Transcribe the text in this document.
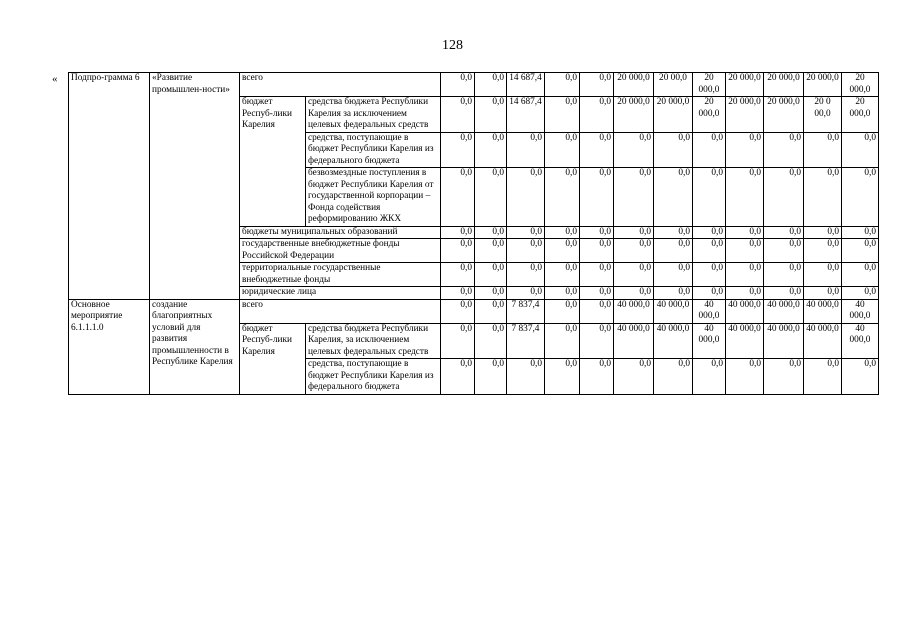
128
« Подпро-грамма 6	«Развитие промышлен-ности»	всего		0,0	0,0	14 687,4	0,0	0,0	20 000,0	20 00,0	20 000,0	20 000,0	20 000,0	20 000,0	20 000,0
		бюджет Респуб-лики Карелия	средства бюджета Республики Карелия за исключением целевых федеральных средств	0,0	0,0	14 687,4	0,0	0,0	20 000,0	20 000,0	20 000,0	20 000,0	20 000,0	20 0 00,0	20 000,0
			средства, поступающие в бюджет Республики Карелия из федерального бюджета	0,0	0,0	0,0	0,0	0,0	0,0	0,0	0,0	0,0	0,0	0,0	0,0
			безвозмездные поступления в бюджет Республики Карелия от государственной корпорации – Фонда содействия реформированию ЖКХ	0,0	0,0	0,0	0,0	0,0	0,0	0,0	0,0	0,0	0,0	0,0	0,0
		бюджеты муниципальных образований		0,0	0,0	0,0	0,0	0,0	0,0	0,0	0,0	0,0	0,0	0,0	0,0
		государственные внебюджетные фонды Российской Федерации		0,0	0,0	0,0	0,0	0,0	0,0	0,0	0,0	0,0	0,0	0,0	0,0
		территориальные государственные внебюджетные фонды		0,0	0,0	0,0	0,0	0,0	0,0	0,0	0,0	0,0	0,0	0,0	0,0
		юридические лица		0,0	0,0	0,0	0,0	0,0	0,0	0,0	0,0	0,0	0,0	0,0	0,0
Основное мероприятие 6.1.1.1.0	создание благоприятных условий для развития промышленности в Республике Карелия	всего		0,0	0,0	7 837,4	0,0	0,0	40 000,0	40 000,0	40 000,0	40 000,0	40 000,0	40 000,0	40 000,0
		бюджет Респуб-лики Карелия	средства бюджета Республики Карелия, за исключением целевых федеральных средств	0,0	0,0	7 837,4	0,0	0,0	40 000,0	40 000,0	40 000,0	40 000,0	40 000,0	40 000,0	40 000,0
			средства, поступающие в бюджет Республики Карелия из федерального бюджета	0,0	0,0	0,0	0,0	0,0	0,0	0,0	0,0	0,0	0,0	0,0	0,0
